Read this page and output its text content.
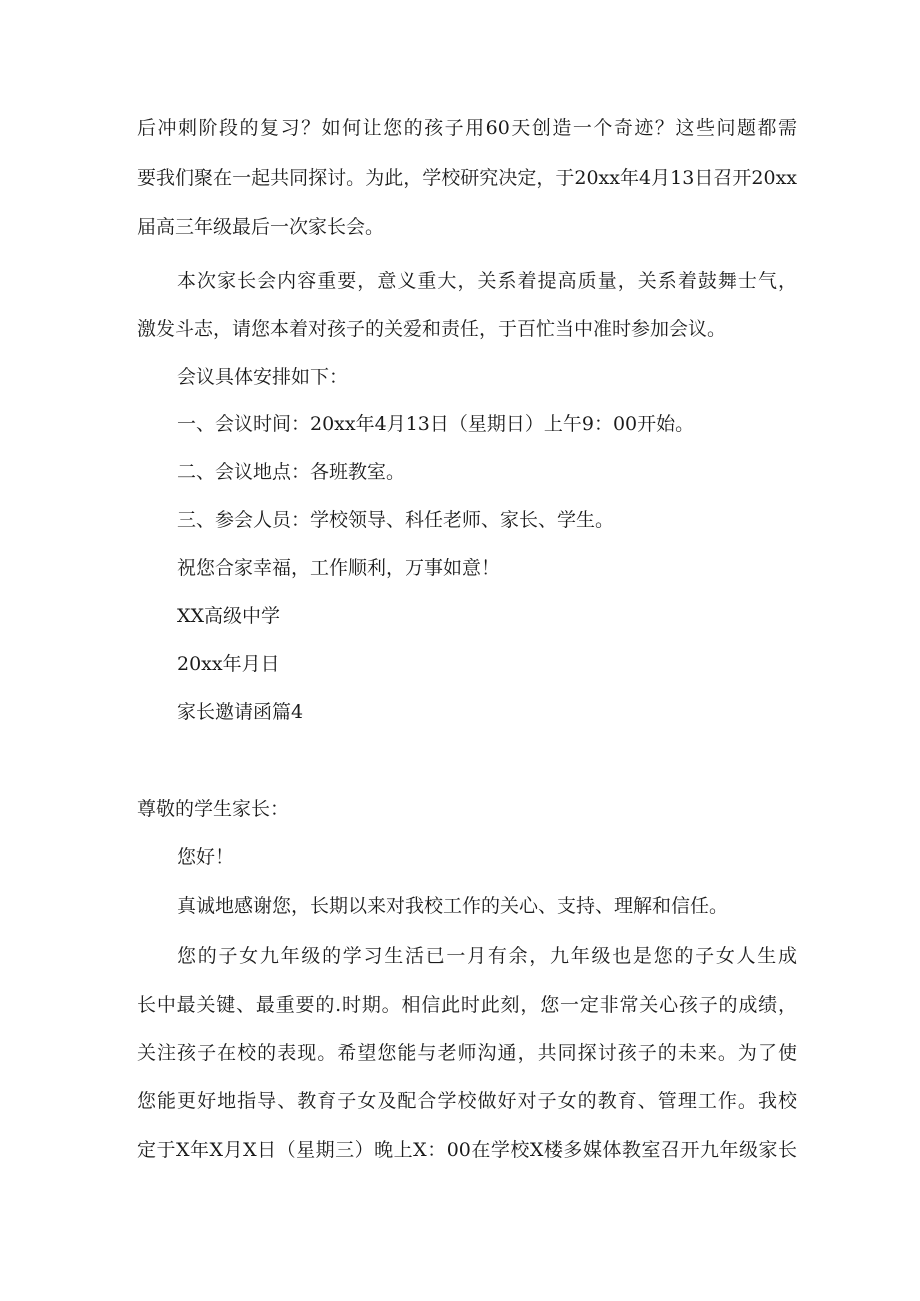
后冲刺阶段的复习？如何让您的孩子用60天创造一个奇迹？这些问题都需
要我们聚在一起共同探讨。为此，学校研究决定，于20xx年4月13日召开20xx
届高三年级最后一次家长会。
本次家长会内容重要，意义重大，关系着提高质量，关系着鼓舞士气，
激发斗志，请您本着对孩子的关爱和责任，于百忙当中准时参加会议。
会议具体安排如下：
一、会议时间：20xx年4月13日（星期日）上午9：00开始。
二、会议地点：各班教室。
三、参会人员：学校领导、科任老师、家长、学生。
祝您合家幸福，工作顺利，万事如意！
XX高级中学
20xx年月日
家长邀请函篇4
尊敬的学生家长：
您好！
真诚地感谢您，长期以来对我校工作的关心、支持、理解和信任。
您的子女九年级的学习生活已一月有余，九年级也是您的子女人生成
长中最关键、最重要的.时期。相信此时此刻，您一定非常关心孩子的成绩，
关注孩子在校的表现。希望您能与老师沟通，共同探讨孩子的未来。为了使
您能更好地指导、教育子女及配合学校做好对子女的教育、管理工作。我校
定于X年X月X日（星期三）晚上X：00在学校X楼多媒体教室召开九年级家长
